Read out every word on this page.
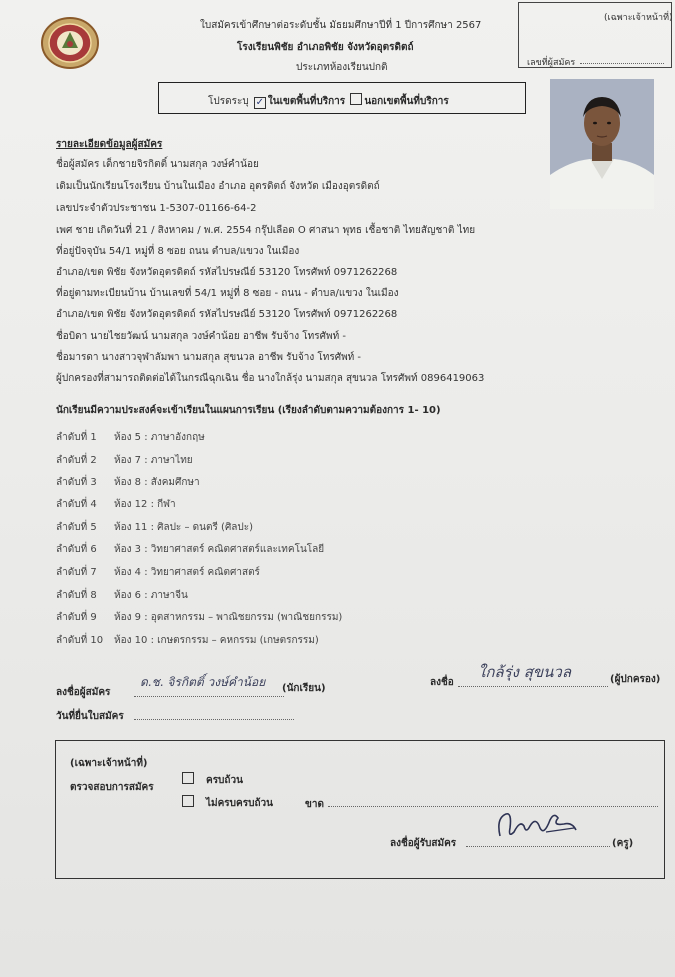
ใบสมัครเข้าศึกษาต่อระดับชั้น มัธยมศึกษาปีที่ 1 ปีการศึกษา 2567
โรงเรียนพิชัย อำเภอพิชัย จังหวัดอุตรดิตถ์
ประเภทห้องเรียนปกติ
(เฉพาะเจ้าหน้าที่)
เลขที่ผู้สมัคร
โปรดระบุ ✓ ในเขตพื้นที่บริการ นอกเขตพื้นที่บริการ
รายละเอียดข้อมูลผู้สมัคร
ชื่อผู้สมัคร เด็กชายจิรกิตติ์ นามสกุล วงษ์คำน้อย
เดิมเป็นนักเรียนโรงเรียน บ้านในเมือง อำเภอ อุตรดิตถ์ จังหวัด เมืองอุตรดิตถ์
เลขประจำตัวประชาชน 1-5307-01166-64-2
เพศ ชาย เกิดวันที่ 21 / สิงหาคม / พ.ศ. 2554 กรุ๊ปเลือด O ศาสนา พุทธ เชื้อชาติ ไทยสัญชาติ ไทย
ที่อยู่ปัจจุบัน 54/1 หมู่ที่ 8 ซอย ถนน ตำบล/แขวง ในเมือง
อำเภอ/เขต พิชัย จังหวัดอุตรดิตถ์ รหัสไปรษณีย์ 53120 โทรศัพท์ 0971262268
ที่อยู่ตามทะเบียนบ้าน บ้านเลขที่ 54/1 หมู่ที่ 8 ซอย - ถนน - ตำบล/แขวง ในเมือง
อำเภอ/เขต พิชัย จังหวัดอุตรดิตถ์ รหัสไปรษณีย์ 53120 โทรศัพท์ 0971262268
ชื่อบิดา นายไชยวัฒน์ นามสกุล วงษ์คำน้อย อาชีพ รับจ้าง โทรศัพท์ -
ชื่อมารดา นางสาวจุฬาลัมพา นามสกุล สุขนวล อาชีพ รับจ้าง โทรศัพท์ -
ผู้ปกครองที่สามารถติดต่อได้ในกรณีฉุกเฉิน ชื่อ นางใกล้รุ่ง นามสกุล สุขนวล โทรศัพท์ 0896419063
นักเรียนมีความประสงค์จะเข้าเรียนในแผนการเรียน (เรียงลำดับตามความต้องการ 1- 10)
ลำดับที่ 1 ห้อง 5 : ภาษาอังกฤษ
ลำดับที่ 2 ห้อง 7 : ภาษาไทย
ลำดับที่ 3 ห้อง 8 : สังคมศึกษา
ลำดับที่ 4 ห้อง 12 : กีฬา
ลำดับที่ 5 ห้อง 11 : ศิลปะ – ดนตรี (ศิลปะ)
ลำดับที่ 6 ห้อง 3 : วิทยาศาสตร์ คณิตศาสตร์และเทคโนโลยี
ลำดับที่ 7 ห้อง 4 : วิทยาศาสตร์ คณิตศาสตร์
ลำดับที่ 8 ห้อง 6 : ภาษาจีน
ลำดับที่ 9 ห้อง 9 : อุตสาหกรรม – พาณิชยกรรม (พาณิชยกรรม)
ลำดับที่ 10 ห้อง 10 : เกษตรกรรม – คหกรรม (เกษตรกรรม)
ลงชื่อผู้สมัคร
ด.ช. จิรกิตติ์ วงษ์คำน้อย (นักเรียน)
ลงชื่อ
ใกล้รุ่ง สุขนวล	(ผู้ปกครอง)
วันที่ยื่นใบสมัคร
(เฉพาะเจ้าหน้าที่)
ตรวจสอบการสมัคร
ครบถ้วน
ไม่ครบครบถ้วน	ขาด
ลงชื่อผู้รับสมัคร	(ครู)
